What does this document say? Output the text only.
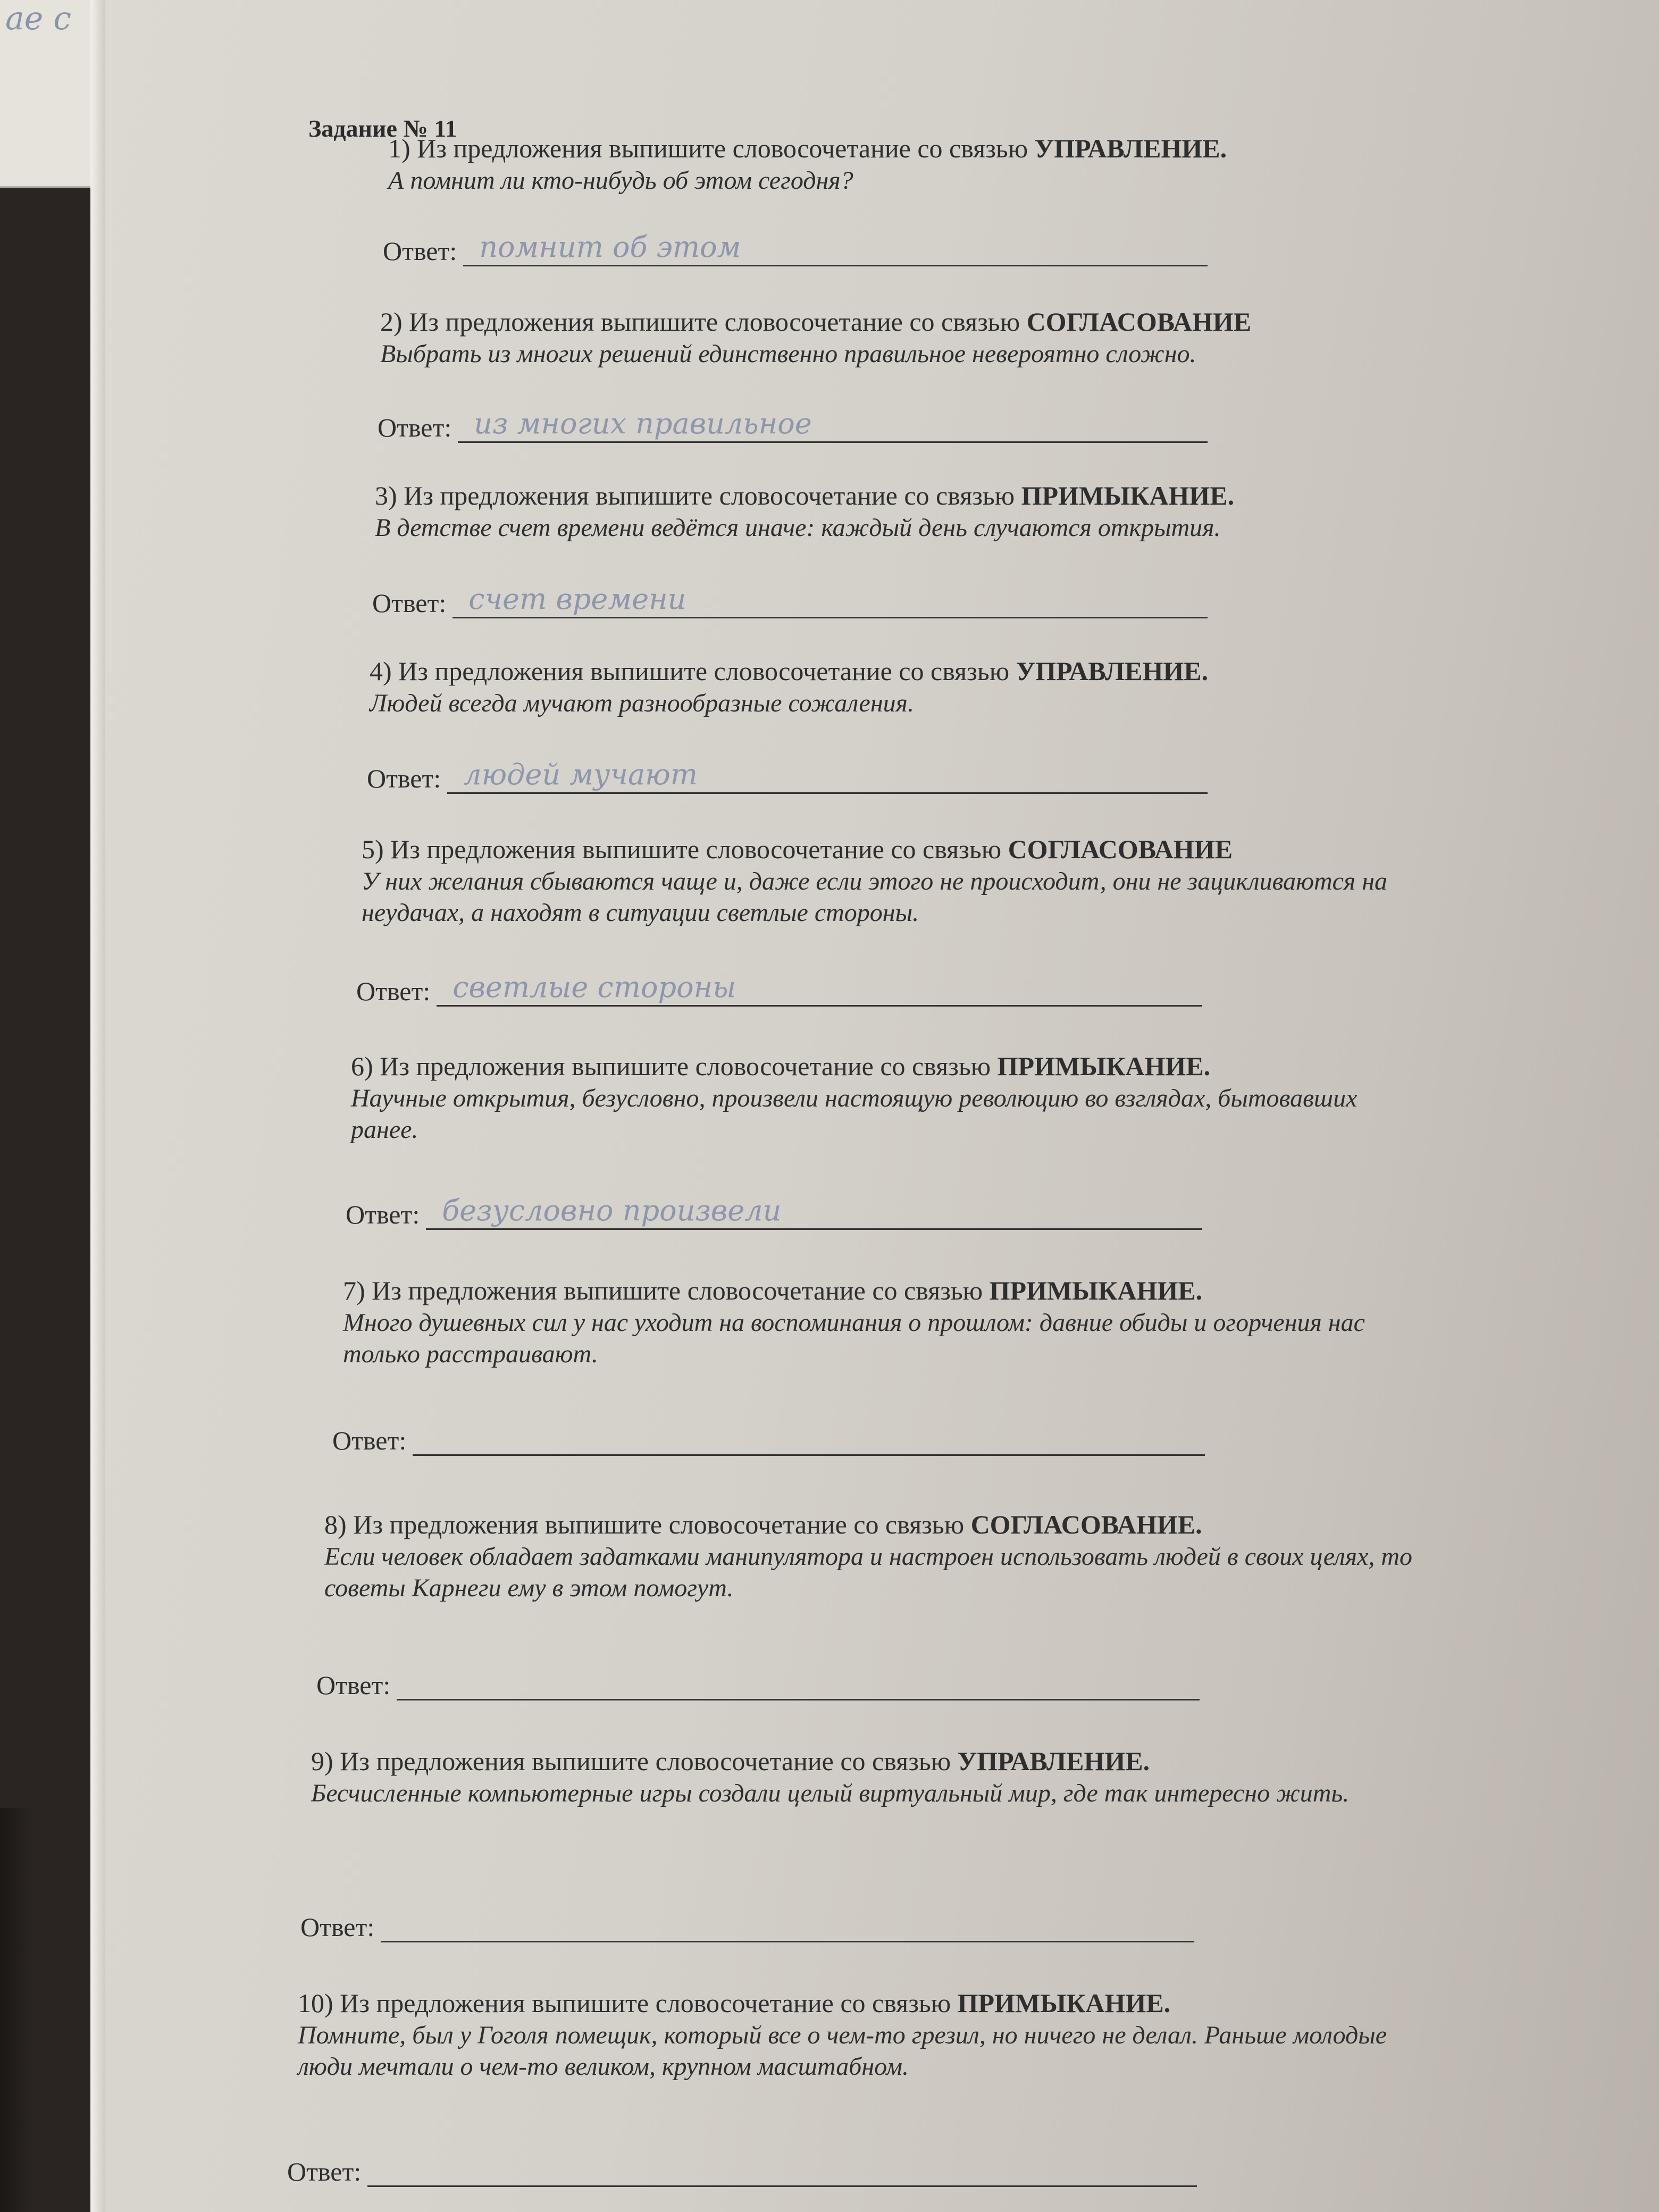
ae с
Задание № 11
1) Из предложения выпишите словосочетание со связью УПРАВЛЕНИЕ.
А помнит ли кто-нибудь об этом сегодня?
Ответ: помнит об этом
2) Из предложения выпишите словосочетание со связью СОГЛАСОВАНИЕ
Выбрать из многих решений единственно правильное невероятно сложно.
Ответ: из многих правильное
3) Из предложения выпишите словосочетание со связью ПРИМЫКАНИЕ.
В детстве счет времени ведётся иначе: каждый день случаются открытия.
Ответ: счет времени
4) Из предложения выпишите словосочетание со связью УПРАВЛЕНИЕ.
Людей всегда мучают разнообразные сожаления.
Ответ: людей мучают
5) Из предложения выпишите словосочетание со связью СОГЛАСОВАНИЕ
У них желания сбываются чаще и, даже если этого не происходит, они не зацикливаются на неудачах, а находят в ситуации светлые стороны.
Ответ: светлые стороны
6) Из предложения выпишите словосочетание со связью ПРИМЫКАНИЕ.
Научные открытия, безусловно, произвели настоящую революцию во взглядах, бытовавших ранее.
Ответ: безусловно произвели
7) Из предложения выпишите словосочетание со связью ПРИМЫКАНИЕ.
Много душевных сил у нас уходит на воспоминания о прошлом: давние обиды и огорчения нас только расстраивают.
Ответ:
8) Из предложения выпишите словосочетание со связью СОГЛАСОВАНИЕ.
Если человек обладает задатками манипулятора и настроен использовать людей в своих целях, то советы Карнеги ему в этом помогут.
Ответ:
9) Из предложения выпишите словосочетание со связью УПРАВЛЕНИЕ.
Бесчисленные компьютерные игры создали целый виртуальный мир, где так интересно жить.
Ответ:
10) Из предложения выпишите словосочетание со связью ПРИМЫКАНИЕ.
Помните, был у Гоголя помещик, который все о чем-то грезил, но ничего не делал. Раньше молодые люди мечтали о чем-то великом, крупном масштабном.
Ответ:
